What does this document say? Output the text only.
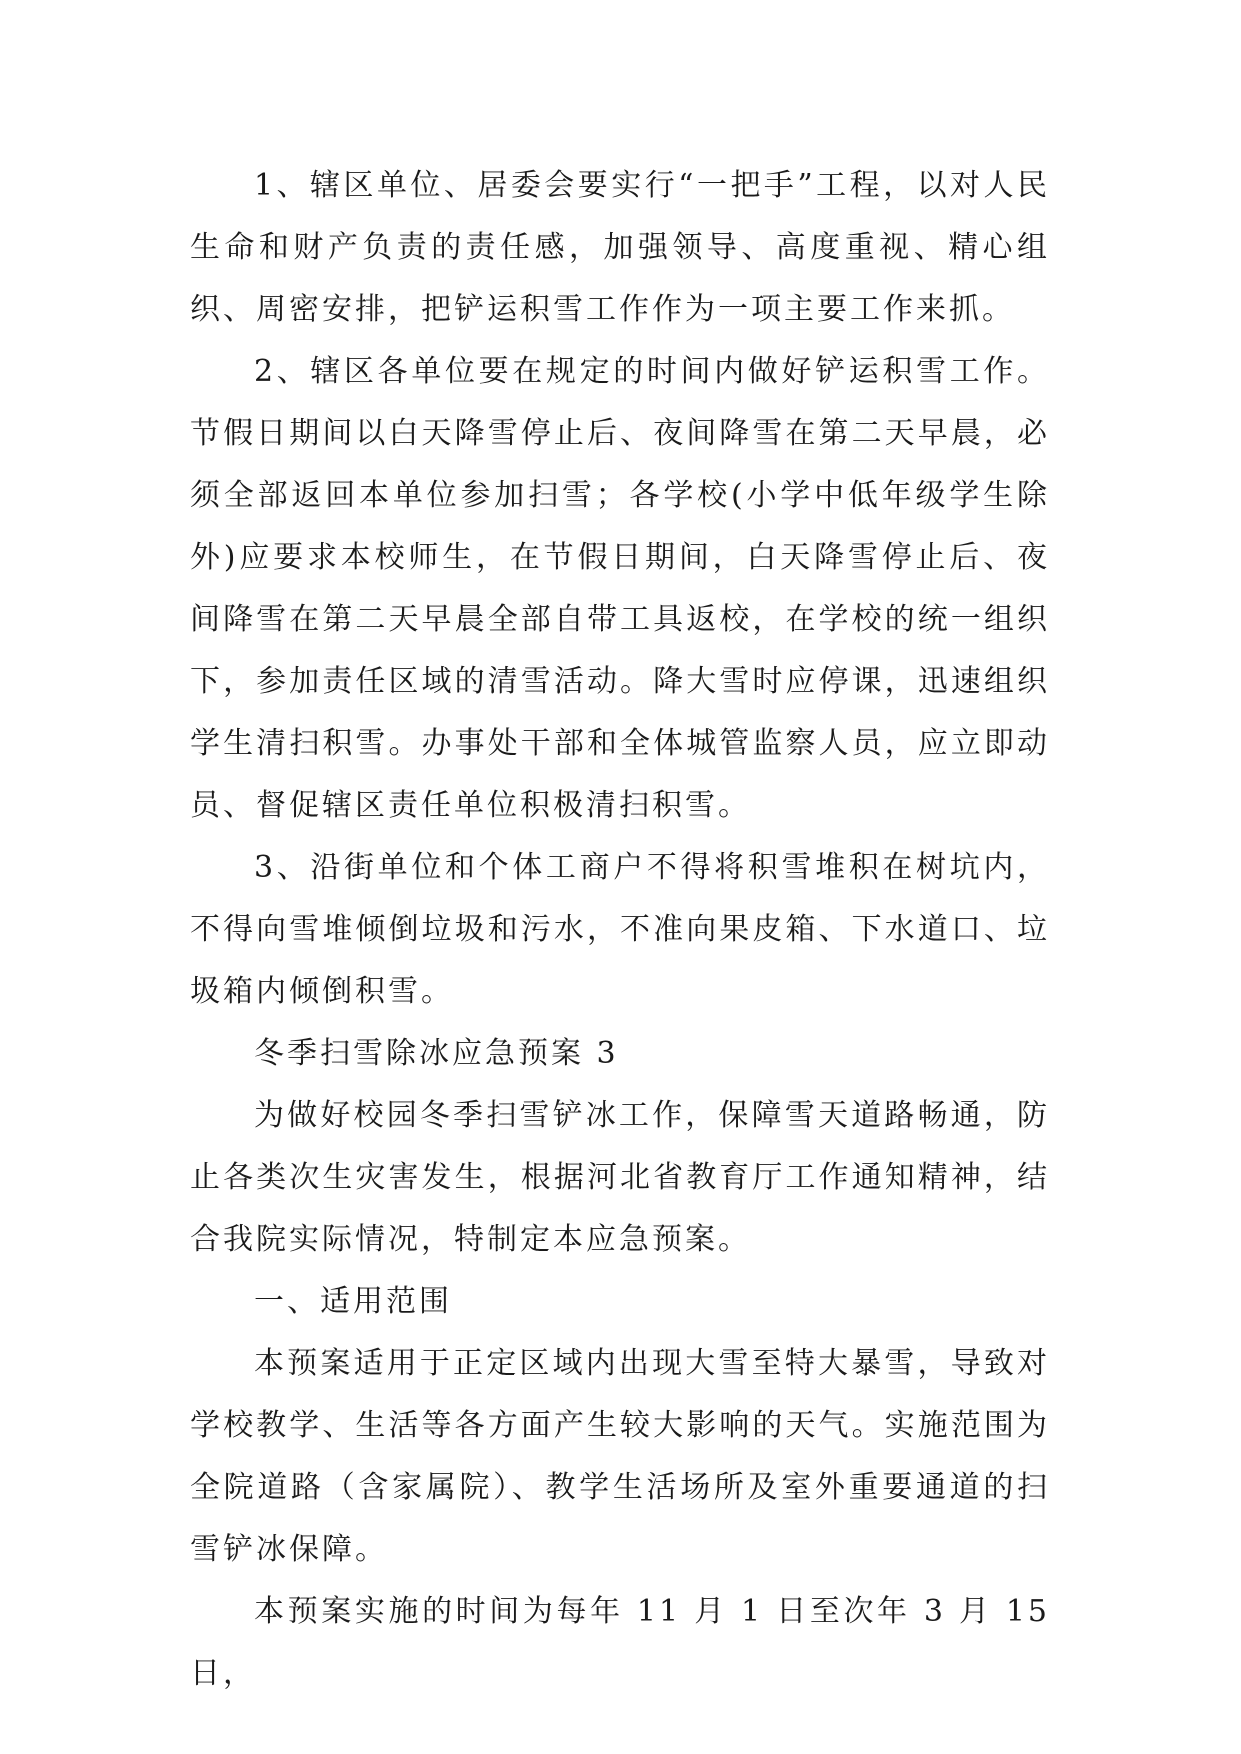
1、辖区单位、居委会要实行“一把手”工程，以对人民生命和财产负责的责任感，加强领导、高度重视、精心组织、周密安排，把铲运积雪工作作为一项主要工作来抓。

2、辖区各单位要在规定的时间内做好铲运积雪工作。节假日期间以白天降雪停止后、夜间降雪在第二天早晨，必须全部返回本单位参加扫雪；各学校(小学中低年级学生除外)应要求本校师生，在节假日期间，白天降雪停止后、夜间降雪在第二天早晨全部自带工具返校，在学校的统一组织下，参加责任区域的清雪活动。降大雪时应停课，迅速组织学生清扫积雪。办事处干部和全体城管监察人员，应立即动员、督促辖区责任单位积极清扫积雪。

3、沿街单位和个体工商户不得将积雪堆积在树坑内，不得向雪堆倾倒垃圾和污水，不准向果皮箱、下水道口、垃圾箱内倾倒积雪。

冬季扫雪除冰应急预案 3

为做好校园冬季扫雪铲冰工作，保障雪天道路畅通，防止各类次生灾害发生，根据河北省教育厅工作通知精神，结合我院实际情况，特制定本应急预案。

一、适用范围

本预案适用于正定区域内出现大雪至特大暴雪，导致对学校教学、生活等各方面产生较大影响的天气。实施范围为全院道路（含家属院）、教学生活场所及室外重要通道的扫雪铲冰保障。

本预案实施的时间为每年 11 月 1 日至次年 3 月 15 日，
